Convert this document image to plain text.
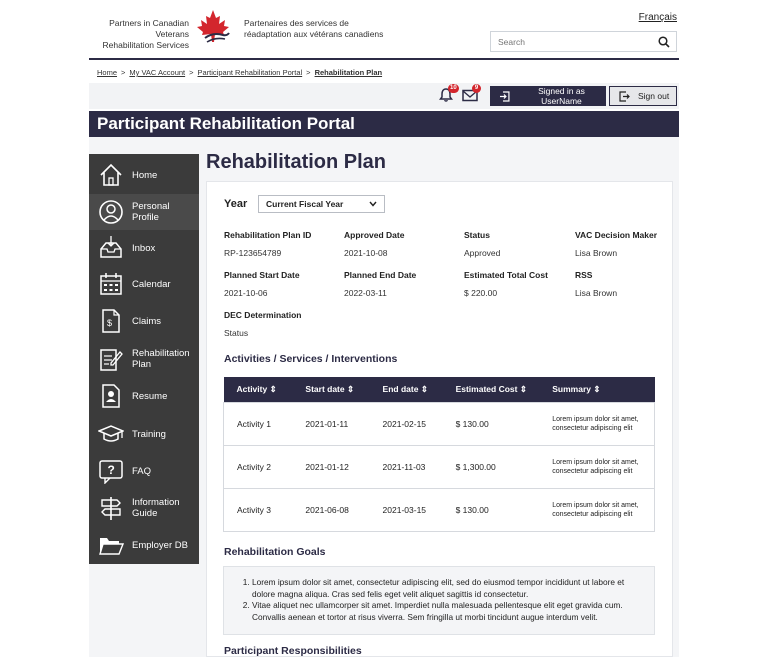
Partners in Canadian Veterans
Rehabilitation Services
Partenaires des services de
réadaptation aux vétérans canadiens
Français
Search
Home > My VAC Account > Participant Rehabilitation Portal > Rehabilitation Plan
10	9	Signed in as UserName	Sign out
Participant Rehabilitation Portal
Home
Personal Profile
Inbox
Calendar
$ Claims
Rehabilitation Plan
Resume
Training
? FAQ
Information Guide
Employer DB
Rehabilitation Plan
Year	Current Fiscal Year
Rehabilitation Plan ID
RP-123654789
Approved Date
2021-10-08
Status
Approved
VAC Decision Maker
Lisa Brown
Planned Start Date
2021-10-06
Planned End Date
2022-03-11
Estimated Total Cost
$ 220.00
RSS
Lisa Brown
DEC Determination
Status
Activities / Services / Interventions
Activity ⇕	Start date ⇕	End date ⇕	Estimated Cost ⇕	Summary ⇕
Activity 1	2021-01-11	2021-02-15	$ 130.00	Lorem ipsum dolor sit amet, consectetur adipiscing elit
Activity 2	2021-01-12	2021-11-03	$ 1,300.00	Lorem ipsum dolor sit amet, consectetur adipiscing elit
Activity 3	2021-06-08	2021-03-15	$ 130.00	Lorem ipsum dolor sit amet, consectetur adipiscing elit
Rehabilitation Goals
1. Lorem ipsum dolor sit amet, consectetur adipiscing elit, sed do eiusmod tempor incididunt ut labore et dolore magna aliqua. Cras sed felis eget velit aliquet sagittis id consectetur.
2. Vitae aliquet nec ullamcorper sit amet. Imperdiet nulla malesuada pellentesque elit eget gravida cum. Convallis aenean et tortor at risus viverra. Sem fringilla ut morbi tincidunt augue interdum velit.
Participant Responsibilities
